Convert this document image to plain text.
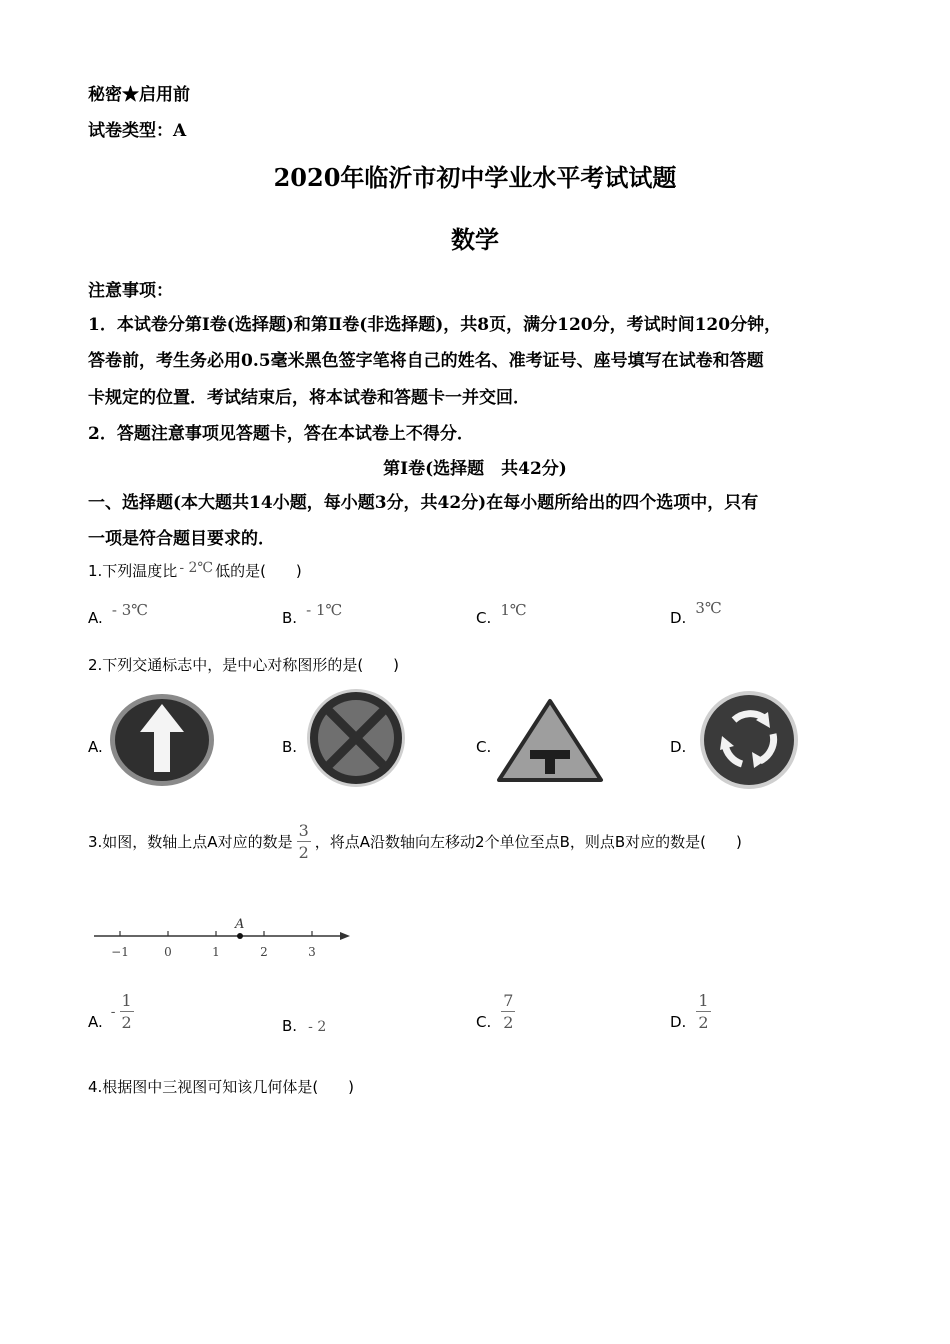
秘密★启用前
试卷类型：A
2020年临沂市初中学业水平考试试题
数学
注意事项：
1．本试卷分第Ⅰ卷(选择题)和第Ⅱ卷(非选择题)，共8页，满分120分，考试时间120分钟，
答卷前，考生务必用0.5毫米黑色签字笔将自己的姓名、准考证号、座号填写在试卷和答题
卡规定的位置．考试结束后，将本试卷和答题卡一并交回．
2．答题注意事项见答题卡，答在本试卷上不得分．
第Ⅰ卷(选择题　共42分)
一、选择题(本大题共14小题，每小题3分，共42分)在每小题所给出的四个选项中，只有
一项是符合题目要求的．
1.下列温度比 - 2℃ 低的是(　　)
A. - 3℃	B. - 1℃	C. 1℃	D. 3℃
2.下列交通标志中，是中心对称图形的是(　　)
A.	B.	C.	D.
3.如图，数轴上点A对应的数是 $\frac{3}{2}$ ，将点A沿数轴向左移动2个单位至点B，则点B对应的数是(　　)
−1	0	1	2	3
A
A.
- $\frac{1}{2}$	B. - 2	C. $\frac{7}{2}$	D. $\frac{1}{2}$
4.根据图中三视图可知该几何体是(　　)
